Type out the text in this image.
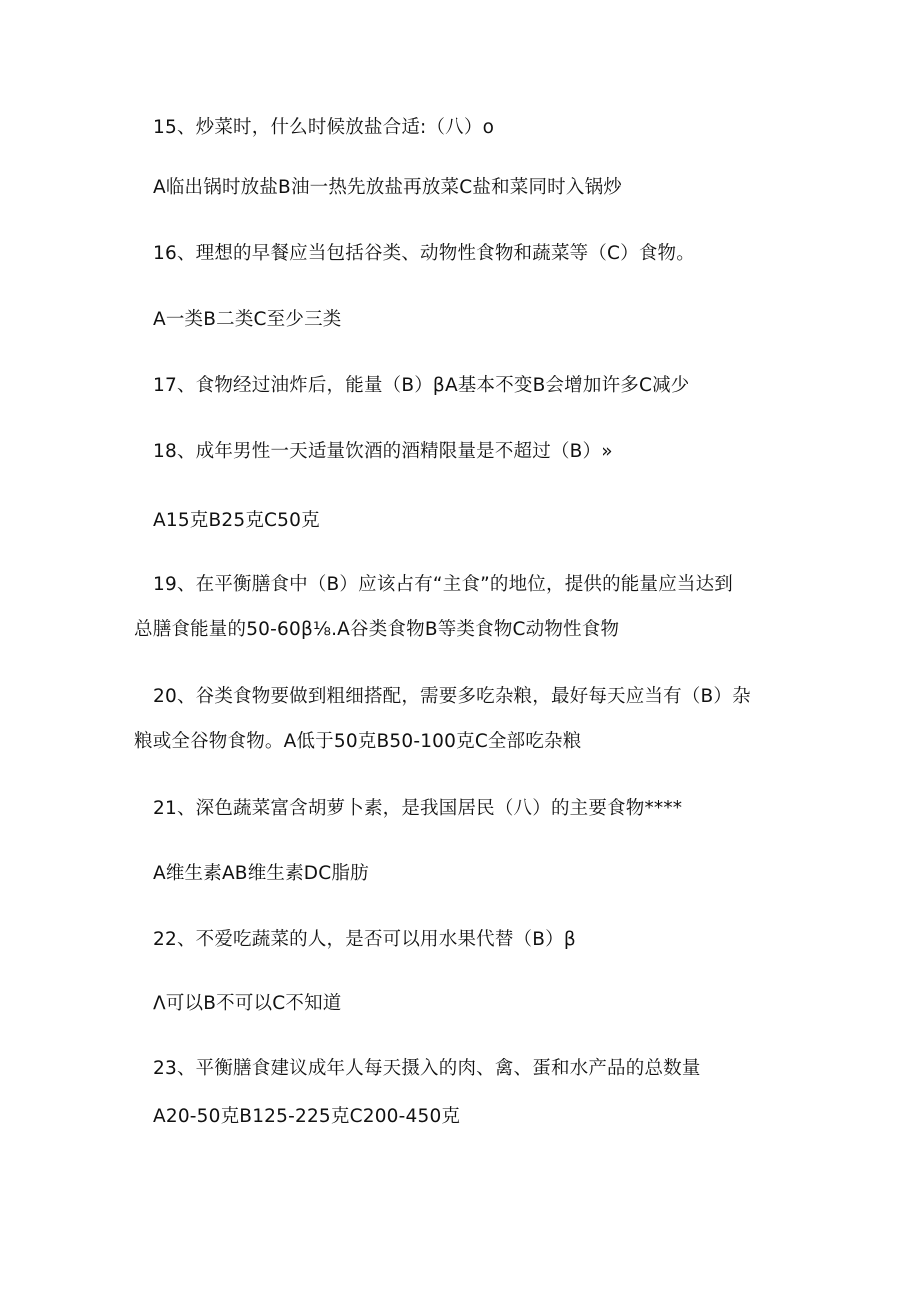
15、炒菜时，什么时候放盐合适:（八）o
A临出锅时放盐B油一热先放盐再放菜C盐和菜同时入锅炒
16、理想的早餐应当包括谷类、动物性食物和蔬菜等（C）食物。
A一类B二类C至少三类
17、食物经过油炸后，能量（B）βA基本不变B会增加许多C减少
18、成年男性一天适量饮酒的酒精限量是不超过（B）»
A15克B25克C50克
19、在平衡膳食中（B）应该占有“主食”的地位，提供的能量应当达到
总膳食能量的50-60β⅛.A谷类食物B等类食物C动物性食物
20、谷类食物要做到粗细搭配，需要多吃杂粮，最好每天应当有（B）杂
粮或全谷物食物。A低于50克B50-100克C全部吃杂粮
21、深色蔬菜富含胡萝卜素，是我国居民（八）的主要食物****
A维生素AB维生素DC脂肪
22、不爱吃蔬菜的人，是否可以用水果代替（B）β
Λ可以B不可以C不知道
23、平衡膳食建议成年人每天摄入的肉、禽、蛋和水产品的总数量
A20-50克B125-225克C200-450克
